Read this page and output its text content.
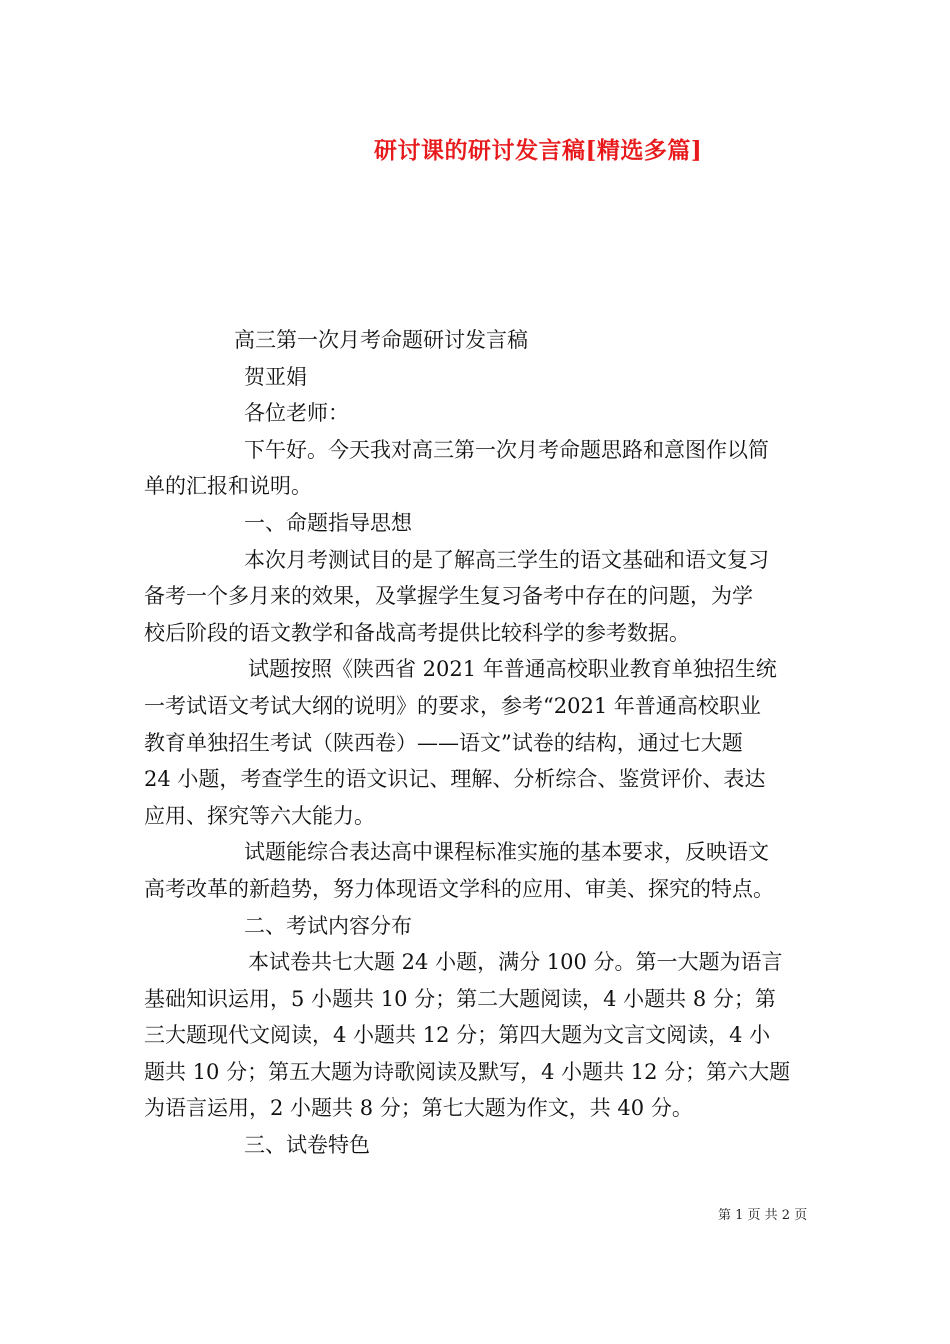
研讨课的研讨发言稿[精选多篇]
高三第一次月考命题研讨发言稿
贺亚娟
各位老师：
下午好。今天我对高三第一次月考命题思路和意图作以简
单的汇报和说明。
一、命题指导思想
本次月考测试目的是了解高三学生的语文基础和语文复习
备考一个多月来的效果，及掌握学生复习备考中存在的问题，为学
校后阶段的语文教学和备战高考提供比较科学的参考数据。
试题按照《陕西省 2021 年普通高校职业教育单独招生统
一考试语文考试大纲的说明》的要求，参考“2021 年普通高校职业
教育单独招生考试（陕西卷）——语文”试卷的结构，通过七大题
24 小题，考查学生的语文识记、理解、分析综合、鉴赏评价、表达
应用、探究等六大能力。
试题能综合表达高中课程标准实施的基本要求，反映语文
高考改革的新趋势，努力体现语文学科的应用、审美、探究的特点。
二、考试内容分布
本试卷共七大题 24 小题，满分 100 分。第一大题为语言
基础知识运用，5 小题共 10 分；第二大题阅读，4 小题共 8 分；第
三大题现代文阅读，4 小题共 12 分；第四大题为文言文阅读，4 小
题共 10 分；第五大题为诗歌阅读及默写，4 小题共 12 分；第六大题
为语言运用，2 小题共 8 分；第七大题为作文，共 40 分。
三、试卷特色
第 1 页 共 2 页
